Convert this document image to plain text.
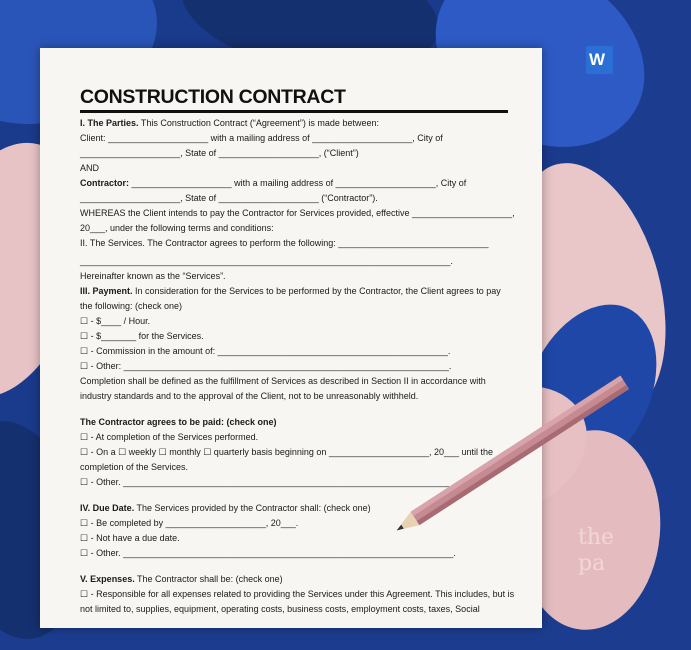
W
the
pa
CONSTRUCTION CONTRACT

I. The Parties. This Construction Contract (“Agreement”) is made between:

Client: ____________________ with a mailing address of ____________________, City of

____________________, State of ____________________, (“Client”)

AND

Contractor: ____________________ with a mailing address of ____________________, City of

____________________, State of ____________________ (“Contractor”).

WHEREAS the Client intends to pay the Contractor for Services provided, effective ____________________,

20___, under the following terms and conditions:

II. The Services. The Contractor agrees to perform the following: ______________________________

__________________________________________________________________________.

Hereinafter known as the “Services”.

III. Payment. In consideration for the Services to be performed by the Contractor, the Client agrees to pay

the following: (check one)

☐ - $____ / Hour.

☐ - $_______ for the Services.

☐ - Commission in the amount of: ______________________________________________.

☐ - Other: _________________________________________________________________.

Completion shall be defined as the fulfillment of Services as described in Section II in accordance with

industry standards and to the approval of the Client, not to be unreasonably withheld.

The Contractor agrees to be paid: (check one)

☐ - At completion of the Services performed.

☐ - On a ☐ weekly ☐ monthly ☐ quarterly basis beginning on ____________________, 20___ until the

completion of the Services.

☐ - Other. __________________________________________________________________.

IV. Due Date. The Services provided by the Contractor shall: (check one)

☐ - Be completed by ____________________, 20___.

☐ - Not have a due date.

☐ - Other. __________________________________________________________________.

V. Expenses. The Contractor shall be: (check one)

☐ - Responsible for all expenses related to providing the Services under this Agreement. This includes, but is

not limited to, supplies, equipment, operating costs, business costs, employment costs, taxes, Social
